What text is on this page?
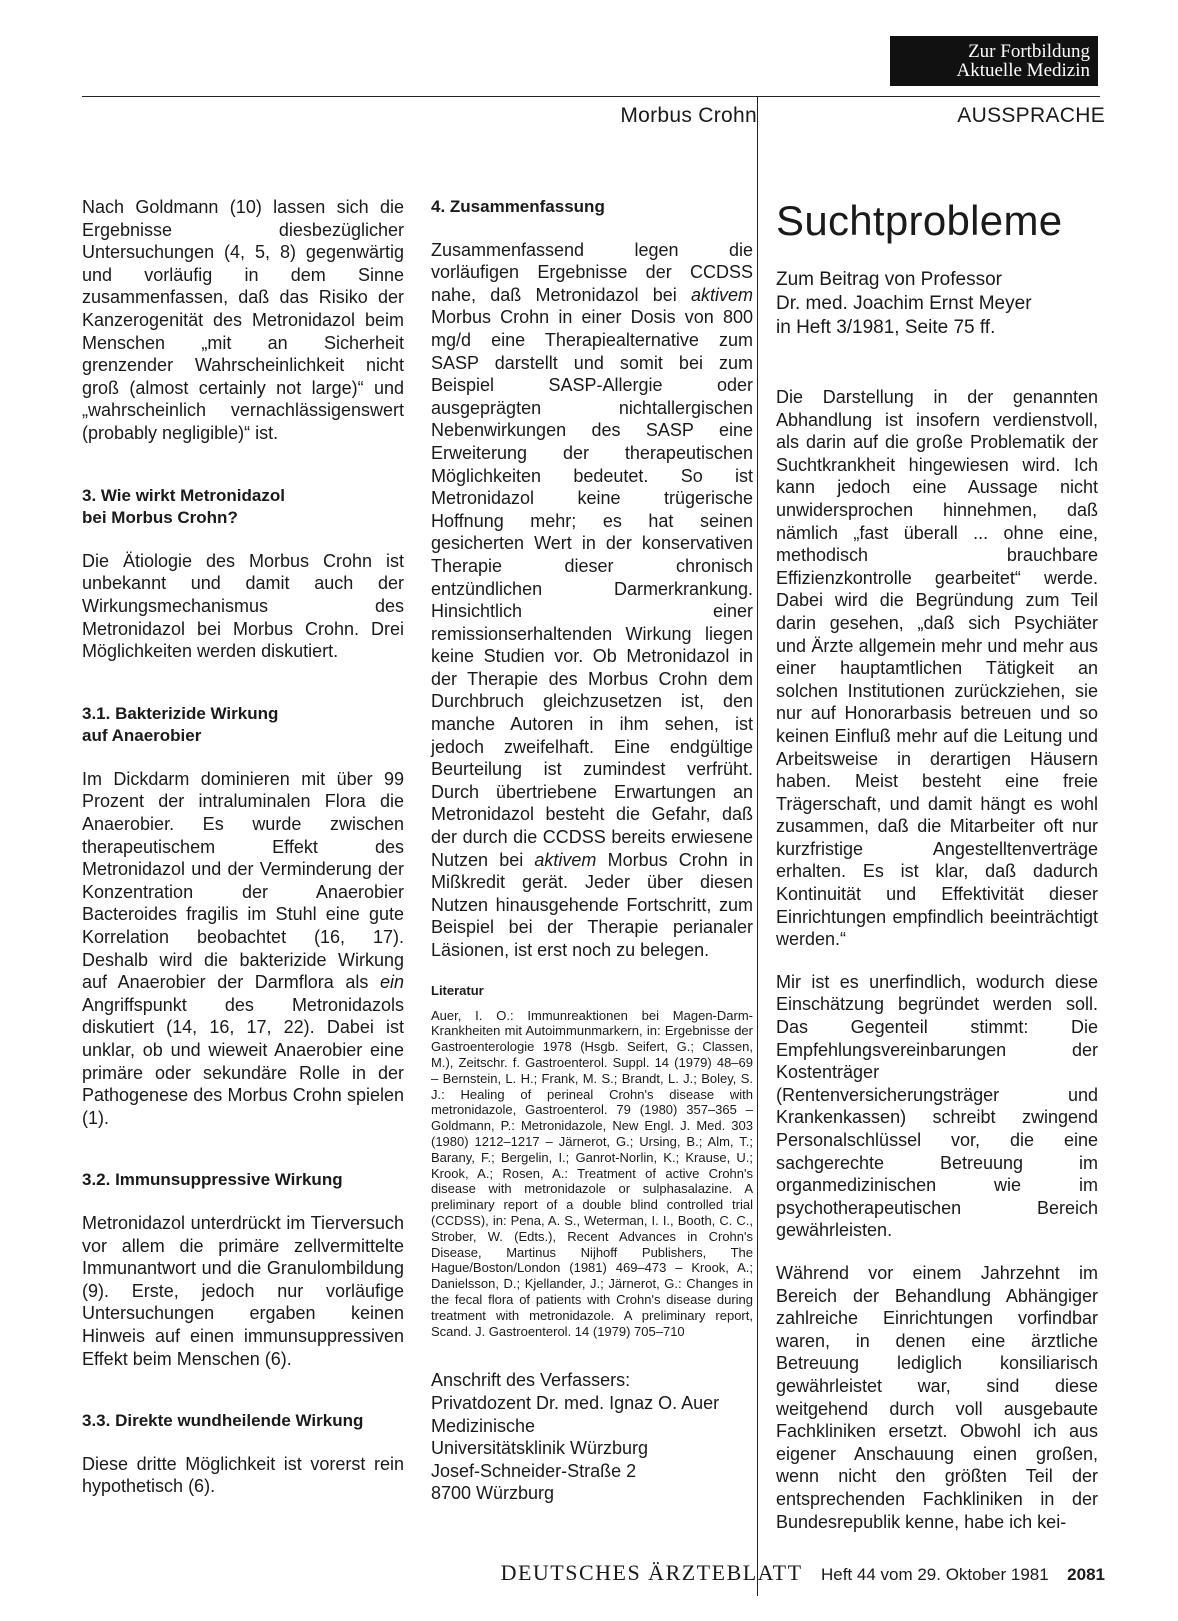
Zur Fortbildung
Aktuelle Medizin
Morbus Crohn	AUSSPRACHE

Nach Goldmann (10) lassen sich die Ergebnisse diesbezüglicher Untersuchungen (4, 5, 8) gegenwärtig und vorläufig in dem Sinne zusammenfassen, daß das Risiko der Kanzerogenität des Metronidazol beim Menschen „mit an Sicherheit grenzender Wahrscheinlichkeit nicht groß (almost certainly not large)“ und „wahrscheinlich vernachlässigenswert (probably negligible)“ ist.

3. Wie wirkt Metronidazol
bei Morbus Crohn?

Die Ätiologie des Morbus Crohn ist unbekannt und damit auch der Wirkungsmechanismus des Metronidazol bei Morbus Crohn. Drei Möglichkeiten werden diskutiert.

3.1. Bakterizide Wirkung
auf Anaerobier

Im Dickdarm dominieren mit über 99 Prozent der intraluminalen Flora die Anaerobier. Es wurde zwischen therapeutischem Effekt des Metronidazol und der Verminderung der Konzentration der Anaerobier Bacteroides fragilis im Stuhl eine gute Korrelation beobachtet (16, 17). Deshalb wird die bakterizide Wirkung auf Anaerobier der Darmflora als ein Angriffspunkt des Metronidazols diskutiert (14, 16, 17, 22). Dabei ist unklar, ob und wieweit Anaerobier eine primäre oder sekundäre Rolle in der Pathogenese des Morbus Crohn spielen (1).

3.2. Immunsuppressive Wirkung

Metronidazol unterdrückt im Tierversuch vor allem die primäre zellvermittelte Immunantwort und die Granulombildung (9). Erste, jedoch nur vorläufige Untersuchungen ergaben keinen Hinweis auf einen immunsuppressiven Effekt beim Menschen (6).

3.3. Direkte wundheilende Wirkung

Diese dritte Möglichkeit ist vorerst rein hypothetisch (6).

4. Zusammenfassung

Zusammenfassend legen die vorläufigen Ergebnisse der CCDSS nahe, daß Metronidazol bei aktivem Morbus Crohn in einer Dosis von 800 mg/d eine Therapiealternative zum SASP darstellt und somit bei zum Beispiel SASP-Allergie oder ausgeprägten nichtallergischen Nebenwirkungen des SASP eine Erweiterung der therapeutischen Möglichkeiten bedeutet. So ist Metronidazol keine trügerische Hoffnung mehr; es hat seinen gesicherten Wert in der konservativen Therapie dieser chronisch entzündlichen Darmerkrankung. Hinsichtlich einer remissionserhaltenden Wirkung liegen keine Studien vor. Ob Metronidazol in der Therapie des Morbus Crohn dem Durchbruch gleichzusetzen ist, den manche Autoren in ihm sehen, ist jedoch zweifelhaft. Eine endgültige Beurteilung ist zumindest verfrüht. Durch übertriebene Erwartungen an Metronidazol besteht die Gefahr, daß der durch die CCDSS bereits erwiesene Nutzen bei aktivem Morbus Crohn in Mißkredit gerät. Jeder über diesen Nutzen hinausgehende Fortschritt, zum Beispiel bei der Therapie perianaler Läsionen, ist erst noch zu belegen.

Literatur

Auer, I. O.: Immunreaktionen bei Magen-Darm-Krankheiten mit Autoimmunmarkern, in: Ergebnisse der Gastroenterologie 1978 (Hsgb. Seifert, G.; Classen, M.), Zeitschr. f. Gastroenterol. Suppl. 14 (1979) 48–69 – Bernstein, L. H.; Frank, M. S.; Brandt, L. J.; Boley, S. J.: Healing of perineal Crohn's disease with metronidazole, Gastroenterol. 79 (1980) 357–365 – Goldmann, P.: Metronidazole, New Engl. J. Med. 303 (1980) 1212–1217 – Järnerot, G.; Ursing, B.; Alm, T.; Barany, F.; Bergelin, I.; Ganrot-Norlin, K.; Krause, U.; Krook, A.; Rosen, A.: Treatment of active Crohn's disease with metronidazole or sulphasalazine. A preliminary report of a double blind controlled trial (CCDSS), in: Pena, A. S., Weterman, I. I., Booth, C. C., Strober, W. (Edts.), Recent Advances in Crohn's Disease, Martinus Nijhoff Publishers, The Hague/Boston/London (1981) 469–473 – Krook, A.; Danielsson, D.; Kjellander, J.; Järnerot, G.: Changes in the fecal flora of patients with Crohn's disease during treatment with metronidazole. A preliminary report, Scand. J. Gastroenterol. 14 (1979) 705–710

Anschrift des Verfassers:
Privatdozent Dr. med. Ignaz O. Auer
Medizinische
Universitätsklinik Würzburg
Josef-Schneider-Straße 2
8700 Würzburg

Suchtprobleme

Zum Beitrag von Professor
Dr. med. Joachim Ernst Meyer
in Heft 3/1981, Seite 75 ff.

Die Darstellung in der genannten Abhandlung ist insofern verdienstvoll, als darin auf die große Problematik der Suchtkrankheit hingewiesen wird. Ich kann jedoch eine Aussage nicht unwidersprochen hinnehmen, daß nämlich „fast überall ... ohne eine, methodisch brauchbare Effizienzkontrolle gearbeitet“ werde. Dabei wird die Begründung zum Teil darin gesehen, „daß sich Psychiäter und Ärzte allgemein mehr und mehr aus einer hauptamtlichen Tätigkeit an solchen Institutionen zurückziehen, sie nur auf Honorarbasis betreuen und so keinen Einfluß mehr auf die Leitung und Arbeitsweise in derartigen Häusern haben. Meist besteht eine freie Trägerschaft, und damit hängt es wohl zusammen, daß die Mitarbeiter oft nur kurzfristige Angestelltenverträge erhalten. Es ist klar, daß dadurch Kontinuität und Effektivität dieser Einrichtungen empfindlich beeinträchtigt werden.“

Mir ist es unerfindlich, wodurch diese Einschätzung begründet werden soll. Das Gegenteil stimmt: Die Empfehlungsvereinbarungen der Kostenträger (Rentenversicherungsträger und Krankenkassen) schreibt zwingend Personalschlüssel vor, die eine sachgerechte Betreuung im organmedizinischen wie im psychotherapeutischen Bereich gewährleisten.

Während vor einem Jahrzehnt im Bereich der Behandlung Abhängiger zahlreiche Einrichtungen vorfindbar waren, in denen eine ärztliche Betreuung lediglich konsiliarisch gewährleistet war, sind diese weitgehend durch voll ausgebaute Fachkliniken ersetzt. Obwohl ich aus eigener Anschauung einen großen, wenn nicht den größten Teil der entsprechenden Fachkliniken in der Bundesrepublik kenne, habe ich kei-

DEUTSCHES ÄRZTEBLATT Heft 44 vom 29. Oktober 1981 2081
